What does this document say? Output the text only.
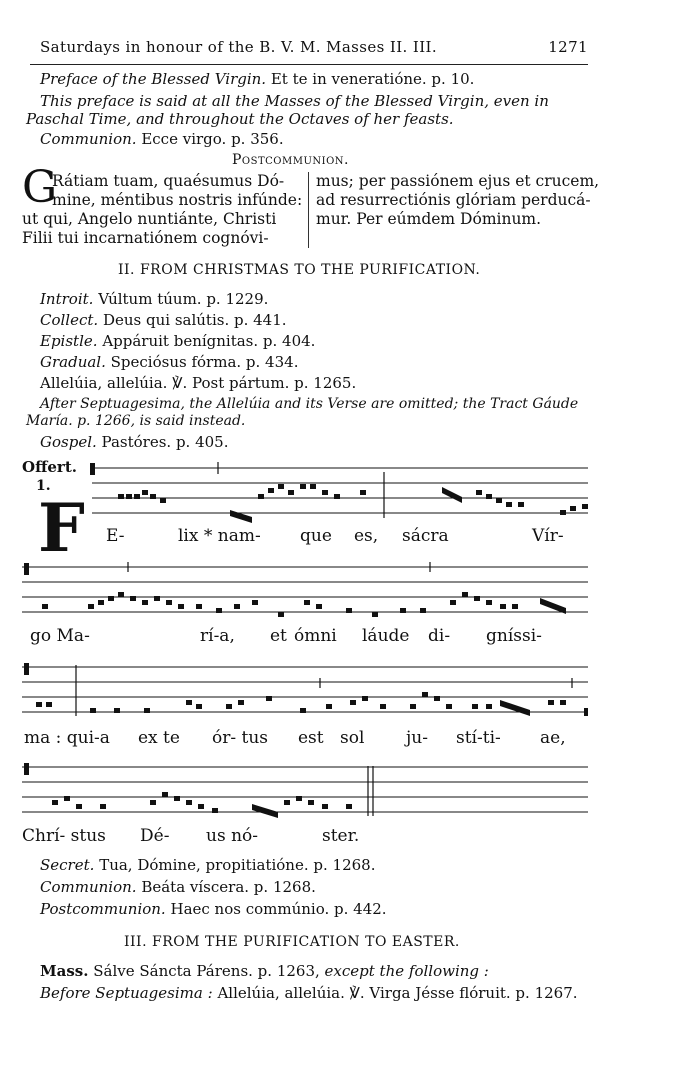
Saturdays in honour of the B. V. M. Masses II. III.	1271
Preface of the Blessed Virgin. Et te in veneratióne. p. 10.
This preface is said at all the Masses of the Blessed Virgin, even in
Paschal Time, and throughout the Octaves of her feasts.
Communion. Ecce virgo. p. 356.
Postcommunion.
G
Rátiam tuam, quaésumus Dó-
mine, méntibus nostris infúnde:
ut qui, Angelo nuntiánte, Christi
Filii tui incarnatiónem cognóvi-
mus; per passiónem ejus et crucem,
ad resurrectiónis glóriam perducá-
mur. Per eúmdem Dóminum.
II. FROM CHRISTMAS TO THE PURIFICATION.
Introit. Vúltum túum. p. 1229.
Collect. Deus qui salútis. p. 441.
Epistle. Appáruit benígnitas. p. 404.
Gradual. Speciósus fórma. p. 434.
Allelúia, allelúia. ℣. Post pártum. p. 1265.
After Septuagesima, the Allelúia and its Verse are omitted; the Tract Gáude
María. p. 1266, is said instead.
Gospel. Pastóres. p. 405.
Offert.
1.
F E-	lix * nam- que es, sácra	Vír-
go Ma-	rí-a, et ómni láude di- gníssi-
ma : qui-a ex te ór- tus est sol ju- stí-ti- ae,
Chrí- stus Dé- us nó-	ster.
Secret. Tua, Dómine, propitiatióne. p. 1268.
Communion. Beáta víscera. p. 1268.
Postcommunion. Haec nos commúnio. p. 442.
III. FROM THE PURIFICATION TO EASTER.
Mass. Sálve Sáncta Párens. p. 1263, except the following :
Before Septuagesima : Allelúia, allelúia. ℣. Virga Jésse flóruit. p. 1267.
